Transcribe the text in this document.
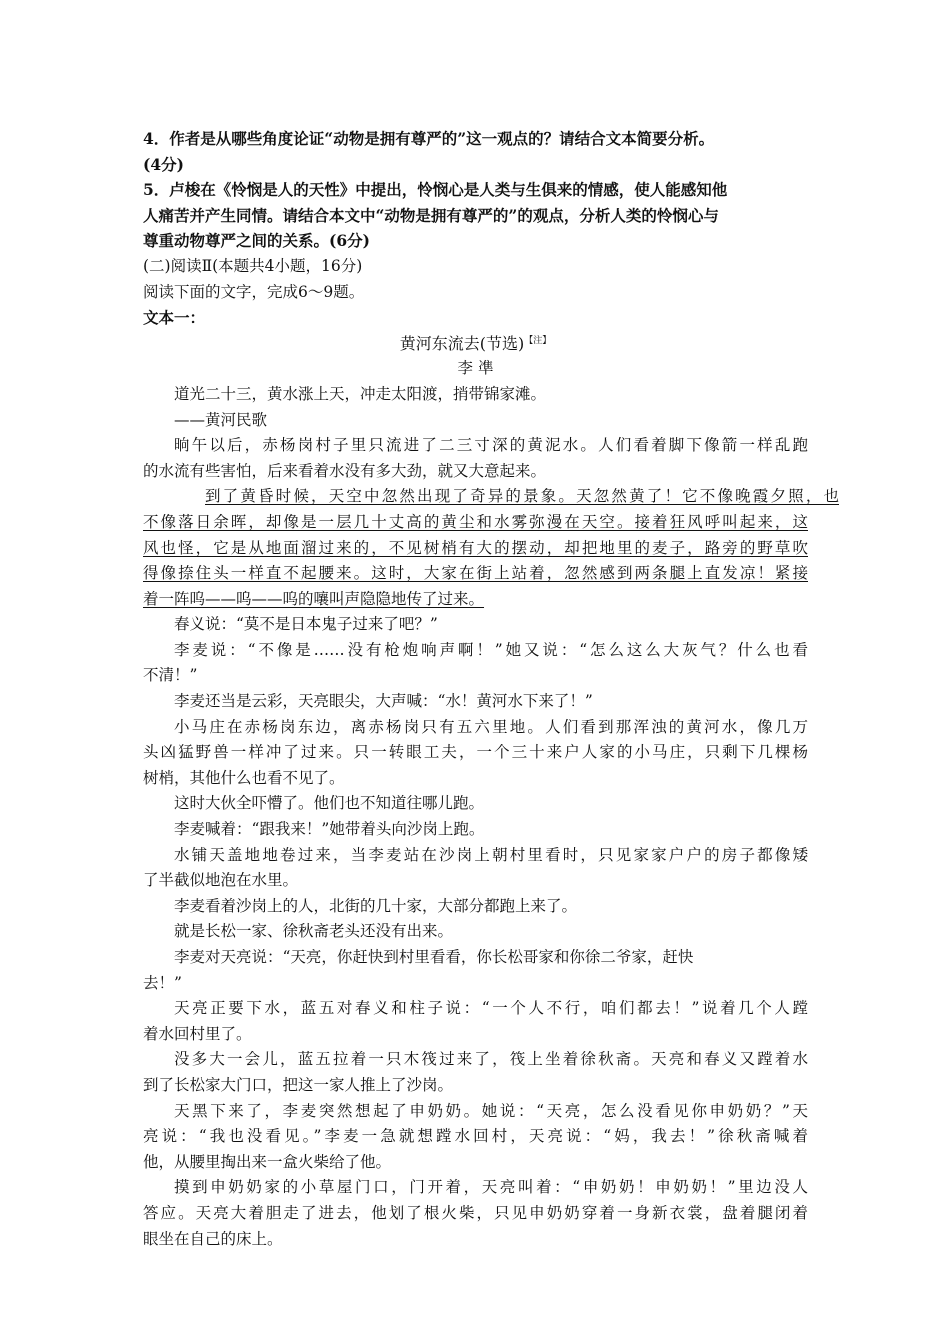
4．作者是从哪些角度论证“动物是拥有尊严的”这一观点的？请结合文本简要分析。
(4分)
5．卢梭在《怜悯是人的天性》中提出，怜悯心是人类与生俱来的情感，使人能感知他
人痛苦并产生同情。请结合本文中“动物是拥有尊严的”的观点，分析人类的怜悯心与
尊重动物尊严之间的关系。(6分)
(二)阅读Ⅱ(本题共4小题，16分)
阅读下面的文字，完成6～9题。
文本一：
黄河东流去(节选)$^{【注】}$
李 凖
道光二十三，黄水涨上天，冲走太阳渡，捎带锦家滩。
——黄河民歌
晌午以后，赤杨岗村子里只流进了二三寸深的黄泥水。人们看着脚下像箭一样乱跑
的水流有些害怕，后来看着水没有多大劲，就又大意起来。
到了黄昏时候，天空中忽然出现了奇异的景象。天忽然黄了！它不像晚霞夕照，也
不像落日余晖，却像是一层几十丈高的黄尘和水雾弥漫在天空。接着狂风呼叫起来，这
风也怪，它是从地面溜过来的，不见树梢有大的摆动，却把地里的麦子，路旁的野草吹
得像捺住头一样直不起腰来。这时，大家在街上站着，忽然感到两条腿上直发凉！紧接
着一阵呜——呜——呜的嚷叫声隐隐地传了过来。
春义说：“莫不是日本鬼子过来了吧？”
李麦说：“不像是……没有枪炮响声啊！”她又说：“怎么这么大灰气？什么也看
不清！”
李麦还当是云彩，天亮眼尖，大声喊：“水！黄河水下来了！”
小马庄在赤杨岗东边，离赤杨岗只有五六里地。人们看到那浑浊的黄河水，像几万
头凶猛野兽一样冲了过来。只一转眼工夫，一个三十来户人家的小马庄，只剩下几棵杨
树梢，其他什么也看不见了。
这时大伙全吓懵了。他们也不知道往哪儿跑。
李麦喊着：“跟我来！”她带着头向沙岗上跑。
水铺天盖地地卷过来，当李麦站在沙岗上朝村里看时，只见家家户户的房子都像矮
了半截似地泡在水里。
李麦看着沙岗上的人，北街的几十家，大部分都跑上来了。
就是长松一家、徐秋斋老头还没有出来。
李麦对天亮说：“天亮，你赶快到村里看看，你长松哥家和你徐二爷家，赶快
去！”
天亮正要下水，蓝五对春义和柱子说：“一个人不行，咱们都去！”说着几个人蹚
着水回村里了。
没多大一会儿，蓝五拉着一只木筏过来了，筏上坐着徐秋斋。天亮和春义又蹚着水
到了长松家大门口，把这一家人推上了沙岗。
天黑下来了，李麦突然想起了申奶奶。她说：“天亮，怎么没看见你申奶奶？”天
亮说：“我也没看见。”李麦一急就想蹚水回村，天亮说：“妈，我去！”徐秋斋喊着
他，从腰里掏出来一盒火柴给了他。
摸到申奶奶家的小草屋门口，门开着，天亮叫着：“申奶奶！申奶奶！”里边没人
答应。天亮大着胆走了进去，他划了根火柴，只见申奶奶穿着一身新衣裳，盘着腿闭着
眼坐在自己的床上。
